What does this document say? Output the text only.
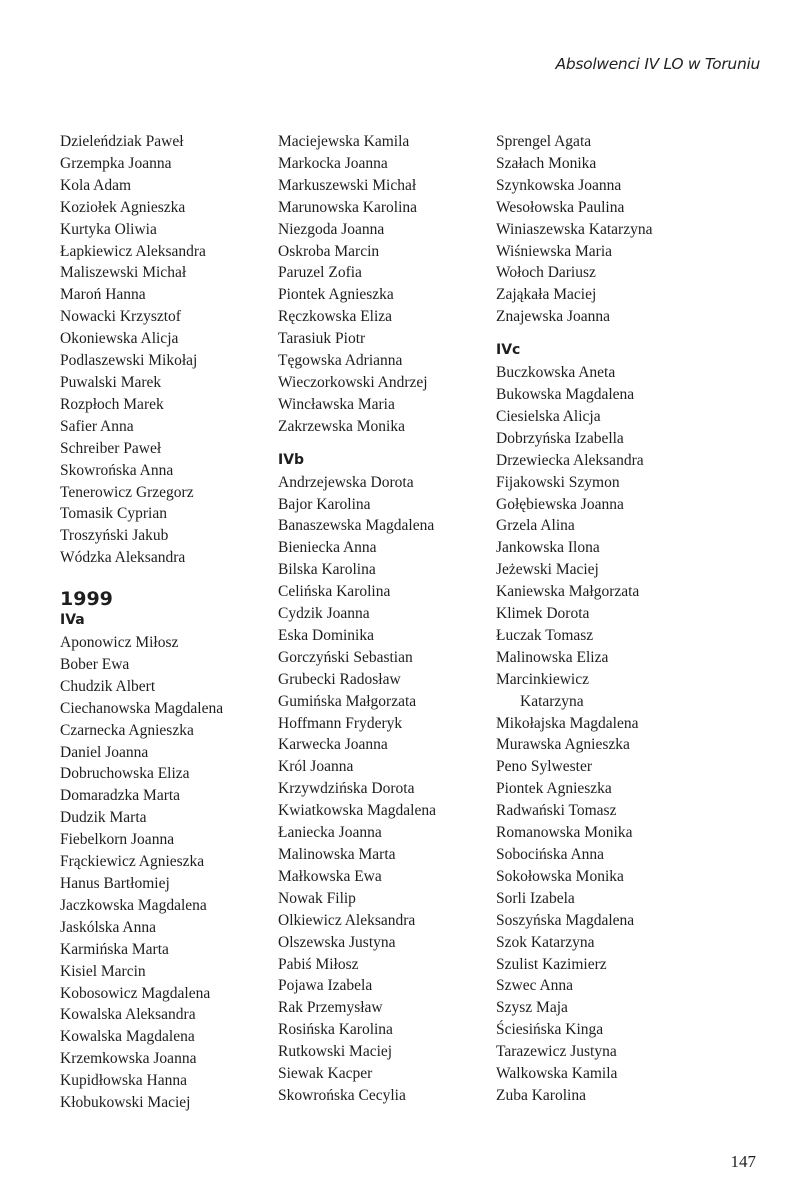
Absolwenci IV LO w Toruniu
Dzieleńdziak Paweł
Grzempka Joanna
Kola Adam
Koziołek Agnieszka
Kurtyka Oliwia
Łapkiewicz Aleksandra
Maliszewski Michał
Maroń Hanna
Nowacki Krzysztof
Okoniewska Alicja
Podlaszewski Mikołaj
Puwalski Marek
Rozpłoch Marek
Safier Anna
Schreiber Paweł
Skowrońska Anna
Tenerowicz Grzegorz
Tomasik Cyprian
Troszyński Jakub
Wódzka Aleksandra
1999
IVa
Aponowicz Miłosz
Bober Ewa
Chudzik Albert
Ciechanowska Magdalena
Czarnecka Agnieszka
Daniel Joanna
Dobruchowska Eliza
Domaradzka Marta
Dudzik Marta
Fiebelkorn Joanna
Frąckiewicz Agnieszka
Hanus Bartłomiej
Jaczkowska Magdalena
Jaskólska Anna
Karmińska Marta
Kisiel Marcin
Kobosowicz Magdalena
Kowalska Aleksandra
Kowalska Magdalena
Krzemkowska Joanna
Kupidłowska Hanna
Kłobukowski Maciej
Maciejewska Kamila
Markocka Joanna
Markuszewski Michał
Marunowska Karolina
Niezgoda Joanna
Oskroba Marcin
Paruzel Zofia
Piontek Agnieszka
Ręczkowska Eliza
Tarasiuk Piotr
Tęgowska Adrianna
Wieczorkowski Andrzej
Wincławska Maria
Zakrzewska Monika
IVb
Andrzejewska Dorota
Bajor Karolina
Banaszewska Magdalena
Bieniecka Anna
Bilska Karolina
Celińska Karolina
Cydzik Joanna
Eska Dominika
Gorczyński Sebastian
Grubecki Radosław
Gumińska Małgorzata
Hoffmann Fryderyk
Karwecka Joanna
Król Joanna
Krzywdzińska Dorota
Kwiatkowska Magdalena
Łaniecka Joanna
Malinowska Marta
Małkowska Ewa
Nowak Filip
Olkiewicz Aleksandra
Olszewska Justyna
Pabiś Miłosz
Pojawa Izabela
Rak Przemysław
Rosińska Karolina
Rutkowski Maciej
Siewak Kacper
Skowrońska Cecylia
Sprengel Agata
Szałach Monika
Szynkowska Joanna
Wesołowska Paulina
Winiaszewska Katarzyna
Wiśniewska Maria
Wołoch Dariusz
Zająkała Maciej
Znajewska Joanna
IVc
Buczkowska Aneta
Bukowska Magdalena
Ciesielska Alicja
Dobrzyńska Izabella
Drzewiecka Aleksandra
Fijakowski Szymon
Gołębiewska Joanna
Grzela Alina
Jankowska Ilona
Jeżewski Maciej
Kaniewska Małgorzata
Klimek Dorota
Łuczak Tomasz
Malinowska Eliza
Marcinkiewicz
Katarzyna
Mikołajska Magdalena
Murawska Agnieszka
Peno Sylwester
Piontek Agnieszka
Radwański Tomasz
Romanowska Monika
Sobocińska Anna
Sokołowska Monika
Sorli Izabela
Soszyńska Magdalena
Szok Katarzyna
Szulist Kazimierz
Szwec Anna
Szysz Maja
Ściesińska Kinga
Tarazewicz Justyna
Walkowska Kamila
Zuba Karolina
147
